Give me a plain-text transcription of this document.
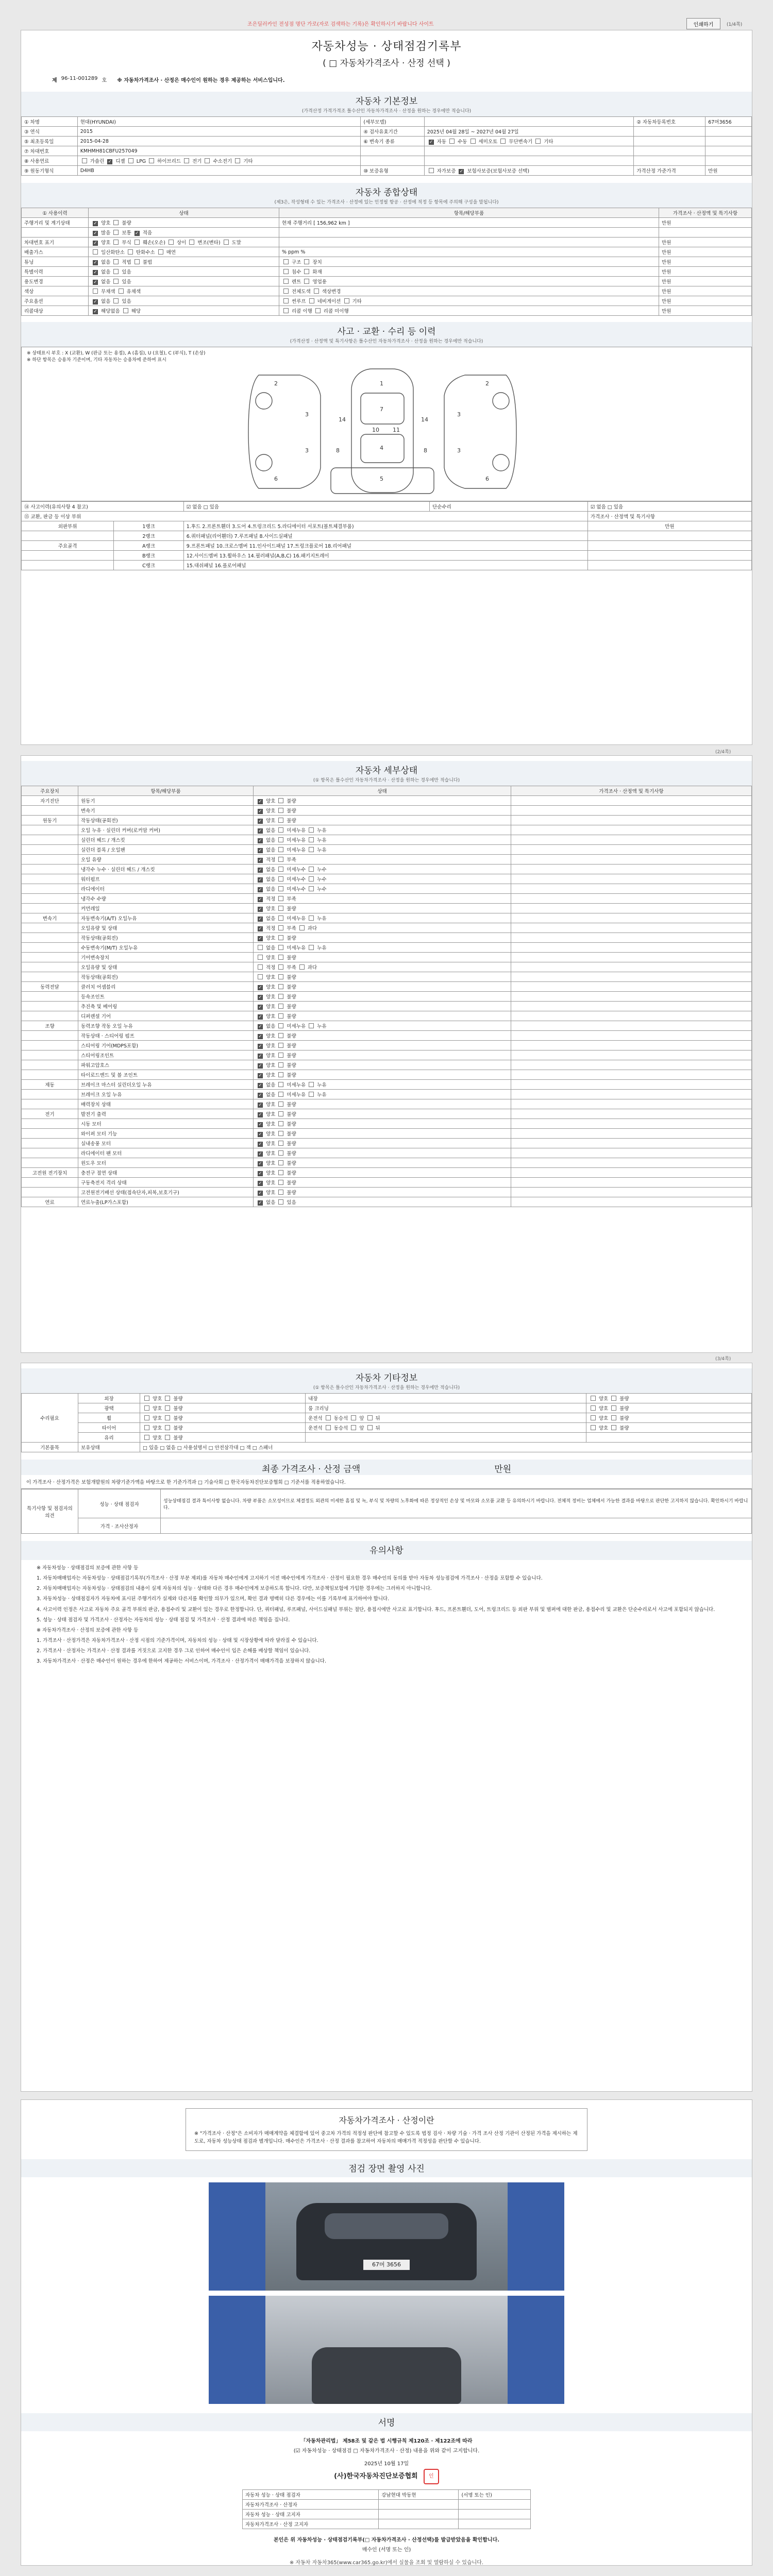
조은딜러카인 전성점 명단 가로(자로 검색하는 기록)은 확인하시기 바랍니다 사이트	인쇄하기	(1/4쪽)
자동차성능 · 상태점검기록부
( □ 자동차가격조사 · 산정 선택 )
제 96-11-001289 호 ※ 자동차가격조사 · 산정은 매수인이 원하는 경우 제공하는 서비스입니다.
자동차 기본정보
(가격산정 가격가격조 틀수산인 자동차가격조사 · 산정을 원하는 경우에만 적습니다)
① 차명	현대(HYUNDAI)	(세부모델)		② 자동차등록번호	67머3656
③ 연식	2015	④ 검사유효기간	2025년 04월 28일 ~ 2027년 04월 27일		
⑤ 최초등록일	2015-04-28	⑥ 변속기 종류	✓ 자동  수동  세미오토  무단변속기  기타		
⑦ 차대번호	KMHMH81CBFU257049				
⑧ 사용연료	가솔린 ✓ 디젤  LPG  하이브리드  전기  수소전기  기타				
⑨ 원동기형식	D4HB	⑩ 보증유형	자가보증 ✓ 보험사보증(보험사보증 선택)	가격산정 가준가격	만원
자동차 종합상태
(제3은, 작성형태 수 있는 가격조사 · 산정에 있는 인정필 항공 · 산정에 적정 등 항목에 주의해 구성을 말됩니다)
① 사용이력	상태	항목/해당부품	가격조사 · 산정액 및 특기사항
주행거리 및 계기상태	✓ 양호  불량	현재 주행거리 [ 156,962 km ]	만원
	✓ 많음  보통 ✓ 적음		
차대번호 표기	✓ 양호  부식  훼손(오손)  상이  변조(변타)  도말		만원
배출가스	일산화탄소  탄화수소  매연	% ppm %	만원
튜닝	✓ 없음  적법  불법	구조  장치	만원
특별이력	✓ 없음  있음	침수  화재	만원
용도변경	✓ 없음  있음	렌트  영업용	만원
색상	무채색  유채색	전체도색  색상변경	만원
주요옵션	✓ 없음  있음	썬루프  네비게이션  기타	만원
리콜대상	✓ 해당없음  해당	리콜 이행  리콜 미이행	만원
사고 · 교환 · 수리 등 이력
(가격산정 · 산정액 및 특기사항은 틀수산인 자동차가격조사 · 산정을 원하는 경우에만 적습니다)
※ 상태표시 부호 : X (교환), W (판금 또는 용접), A (흠집), U (요철), C (부식), T (손상)
※ 하단 항목은 승용차 기준이며, 기타 자동차는 승용차에 준하여 표시
1
7
4
5
2
3
3
6
2
3
3
6
10 11
14
14
8
8
⑭ 사고이력(유의사항 4 참고)		☑ 없음 □ 있음	단순수리	☑ 없음 □ 있음
⑮ 교환, 판금 등 이상 부위				가격조사 · 산정액 및 특기사항
외판부위	1랭크	1.후드 2.프론트휀더 3.도어 4.트렁크리드 5.라디에이터 서포트(볼트체결부품)		만원
	2랭크	6.쿼터패널(리어휀더) 7.루프패널 8.사이드실패널		
주요골격	A랭크	9.프론트패널 10.크로스멤버 11.인사이드패널 17.트렁크플로어 18.리어패널		
	B랭크	12.사이드멤버 13.휠하우스 14.필러패널(A,B,C) 16.패키지트레이		
	C랭크	15.대쉬패널 16.플로어패널		
(2/4쪽)
자동차 세부상태
(① 항목은 틀수산인 자동차가격조사 · 산정을 원하는 경우에만 적습니다)
주요장치	항목/해당부품	상태	가격조사 · 산정액 및 특기사항
자기진단	원동기	✓ 양호  불량	
	변속기	✓ 양호  불량	
원동기	작동상태(공회전)	✓ 양호  불량	
	오일 누유 · 실린더 커버(로커암 커버)	✓ 없음  미세누유  누유	
	실린더 헤드 / 개스킷	✓ 없음  미세누유  누유	
	실린더 블록 / 오일팬	✓ 없음  미세누유  누유	
	오일 유량	✓ 적정  부족	
	냉각수 누수 · 실린더 헤드 / 개스킷	✓ 없음  미세누수  누수	
	워터펌프	✓ 없음  미세누수  누수	
	라디에이터	✓ 없음  미세누수  누수	
	냉각수 수량	✓ 적정  부족	
	커먼레일	✓ 양호  불량	
변속기	자동변속기(A/T) 오일누유	✓ 없음  미세누유  누유	
	오일유량 및 상태	✓ 적정  부족  과다	
	작동상태(공회전)	✓ 양호  불량	
	수동변속기(M/T) 오일누유	없음  미세누유  누유	
	기어변속장치	양호  불량	
	오일유량 및 상태	적정  부족  과다	
	작동상태(공회전)	양호  불량	
동력전달	클러치 어셈블리	✓ 양호  불량	
	등속조인트	✓ 양호  불량	
	추진축 및 베어링	✓ 양호  불량	
	디퍼렌셜 기어	✓ 양호  불량	
조향	동력조향 작동 오일 누유	✓ 없음  미세누유  누유	
	작동상태 · 스티어링 펌프	✓ 양호  불량	
	스티어링 기어(MDPS포함)	✓ 양호  불량	
	스티어링조인트	✓ 양호  불량	
	파워고압호스	✓ 양호  불량	
	타이로드엔드 및 볼 조인트	✓ 양호  불량	
제동	브레이크 마스터 실린더오일 누유	✓ 없음  미세누유  누유	
	브레이크 오일 누유	✓ 없음  미세누유  누유	
	배력장치 상태	✓ 양호  불량	
전기	발전기 출력	✓ 양호  불량	
	시동 모터	✓ 양호  불량	
	와이퍼 모터 기능	✓ 양호  불량	
	실내송풍 모터	✓ 양호  불량	
	라디에이터 팬 모터	✓ 양호  불량	
	윈도우 모터	✓ 양호  불량	
고전원 전기장치	충전구 절연 상태	✓ 양호  불량	
	구동축전지 격리 상태	✓ 양호  불량	
	고전원전기배선 상태(접속단자,피복,보호기구)	✓ 양호  불량	
연료	연료누출(LP가스포함)	✓ 없음  있음	
(3/4쪽)
자동차 기타정보
(① 항목은 틀수산인 자동차가격조사 · 산정을 원하는 경우에만 적습니다)
수리필요	외장	양호  불량	내장	양호  불량
	광택	양호  불량	룸 크리닝	양호  불량
	휠	양호  불량	운전석  동승석  앞  뒤	양호  불량
	타이어	양호  불량	운전석  동승석  앞  뒤	양호  불량
	유리	양호  불량		
기본품목	보유상태	□ 있음 □ 없음 □ 사용설명서 □ 안전삼각대 □ 잭 □ 스패너		
최종 가격조사 · 산정 금액	만원
이 가격조사 · 산정가격은 보험개발원의 차량기준가액을 바탕으로 한 기준가격과 □ 기술사회 □ 한국자동차진단보증협회 □ 기준서를 적용하였습니다.
특기사항 및 점검자의 의견	성능 · 상태 점검자	성능상태점검 결과 특이사항 없습니다. 차량 부품은 소모성이므로 체결정도 외관의 미세한 흠집 및 녹, 부식 및 차량의 노후화에 따른 정상적인 손상 및 마모와 소모품 교환 등 유의하시기 바랍니다. 전체적 정비는 업체에서 가능한 결과를 바탕으로 판단한 고지하지 않습니다. 확인하시기 바랍니다.
	가격 · 조사산정자	
유의사항
※ 자동차성능 · 상태점검의 보증에 관한 사항 등
1. 자동차매매업자는 자동차성능 · 상태점검기록부(가격조사 · 산정 부분 제외)를 자동차 매수인에게 고지하기 이전 매수인에게 가격조사 · 산정이 필요한 경우 매수인의 동의를 받아 자동차 성능점검에 가격조사 · 산정을 포함할 수 있습니다.
2. 자동차매매업자는 자동차성능 · 상태점검의 내용이 실제 자동차의 성능 · 상태와 다른 경우 매수인에게 보증하도록 합니다. 다만, 보증책임보험에 가입한 경우에는 그러하지 아니합니다.
3. 자동차성능 · 상태점검자가 자동차에 표시된 주행거리가 실제와 다른지를 확인할 의무가 있으며, 확인 결과 명백히 다른 경우에는 이를 기록부에 표기하여야 합니다.
4. 사고이력 인정은 사고로 자동차 주요 골격 부위의 판금, 용접수리 및 교환이 있는 경우로 한정합니다. 단, 쿼터패널, 루프패널, 사이드실패널 부위는 절단, 용접시에만 사고로 표기합니다. 후드, 프론트휀더, 도어, 트렁크리드 등 외판 부위 및 범퍼에 대한 판금, 용접수리 및 교환은 단순수리로서 사고에 포함되지 않습니다.
5. 성능 · 상태 점검자 및 가격조사 · 산정자는 자동차의 성능 · 상태 점검 및 가격조사 · 산정 결과에 따른 책임을 집니다.
※ 자동차가격조사 · 산정의 보증에 관한 사항 등
1. 가격조사 · 산정가격은 자동차가격조사 · 산정 시점의 기준가격이며, 자동차의 성능 · 상태 및 시장상황에 따라 달라질 수 있습니다.
2. 가격조사 · 산정자는 가격조사 · 산정 결과를 거짓으로 고지한 경우 그로 인하여 매수인이 입은 손해를 배상할 책임이 있습니다.
3. 자동차가격조사 · 산정은 매수인이 원하는 경우에 한하여 제공하는 서비스이며, 가격조사 · 산정가격이 매매가격을 보장하지 않습니다.
자동차가격조사 · 산정이란
※ "가격조사 · 산정"은 소비자가 매매계약을 체결함에 있어 중고차 가격의 적정성 판단에 참고할 수 있도록 법정 검사 · 차량 기술 · 가격 조사 산정 기관이 산정된 가격을 제시하는 제도로, 자동차 성능상태 점검과 별개입니다. 매수인은 가격조사 · 산정 결과를 참고하여 자동차의 매매가격 적정성을 판단할 수 있습니다.
점검 장면 촬영 사진
67머 3656
서명
「자동차관리법」 제58조 및 같은 법 시행규칙 제120조 · 제122조에 따라
(☑ 자동차성능 · 상태점검 □ 자동차가격조사 · 산정) 내용을 위와 같이 고지합니다.
2025년 10월 17일
(사)한국자동차진단보증협회 인
자동차 성능 · 상태 점검자	강남현대 박동현	(서명 또는 인)
자동차가격조사 · 산정자		
자동차 성능 · 상태 고지자		
자동차가격조사 · 산정 고지자		
본인은 위 자동차성능 · 상태점검기록부(□ 자동차가격조사 · 산정선택)를 발급받았음을 확인합니다.
매수인 (서명 또는 인)
※ 자동차 자동차365(www.car365.go.kr)에서 실물을 조회 및 열람하실 수 있습니다.
